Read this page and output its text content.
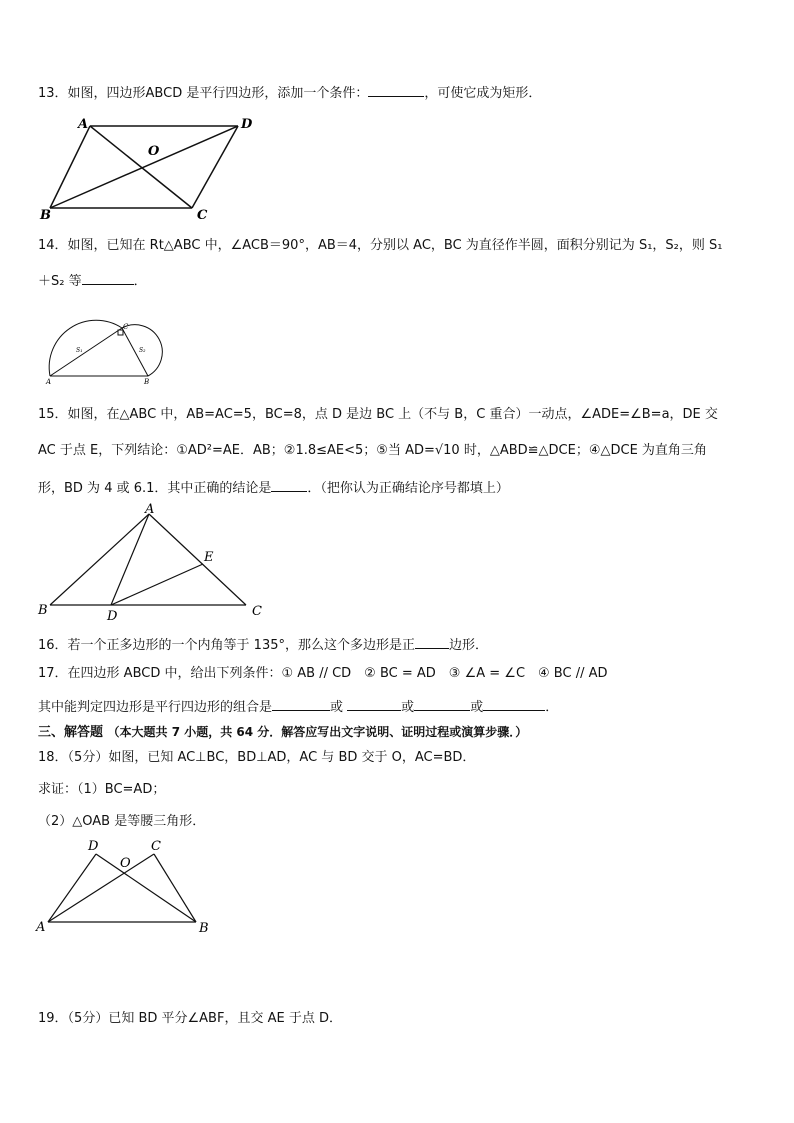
13．如图，四边形ABCD 是平行四边形，添加一个条件：	，可使它成为矩形．
A	D
O
B	C
14．如图，已知在 Rt△ABC 中，∠ACB＝90°，AB＝4，分别以 AC，BC 为直径作半圆，面积分别记为 S₁，S₂，则 S₁
＋S₂ 等	．
A	B
C
S₁	S₂
15．如图，在△ABC 中，AB=AC=5，BC=8，点 D 是边 BC 上（不与 B，C 重合）一动点，∠ADE=∠B=a，DE 交
AC 于点 E，下列结论：①AD²=AE．AB；②1.8≤AE<5；⑤当 AD=√10 时，△ABD≌△DCE；④△DCE 为直角三角
形，BD 为 4 或 6.1．其中正确的结论是	．（把你认为正确结论序号都填上）
A
E
B	D	C
16．若一个正多边形的一个内角等于 135°，那么这个多边形是正	边形．
17．在四边形 ABCD 中，给出下列条件：① AB // CD　② BC = AD　③ ∠A = ∠C　④ BC // AD
其中能判定四边形是平行四边形的组合是	或	或	或	．
三、解答题 （本大题共 7 小题，共 64 分．解答应写出文字说明、证明过程或演算步骤．）
18．（5分）如图，已知 AC⊥BC，BD⊥AD，AC 与 BD 交于 O，AC=BD．
求证：（1）BC=AD；
（2）△OAB 是等腰三角形．
D	C
O
A	B
19．（5分）已知 BD 平分∠ABF，且交 AE 于点 D．
